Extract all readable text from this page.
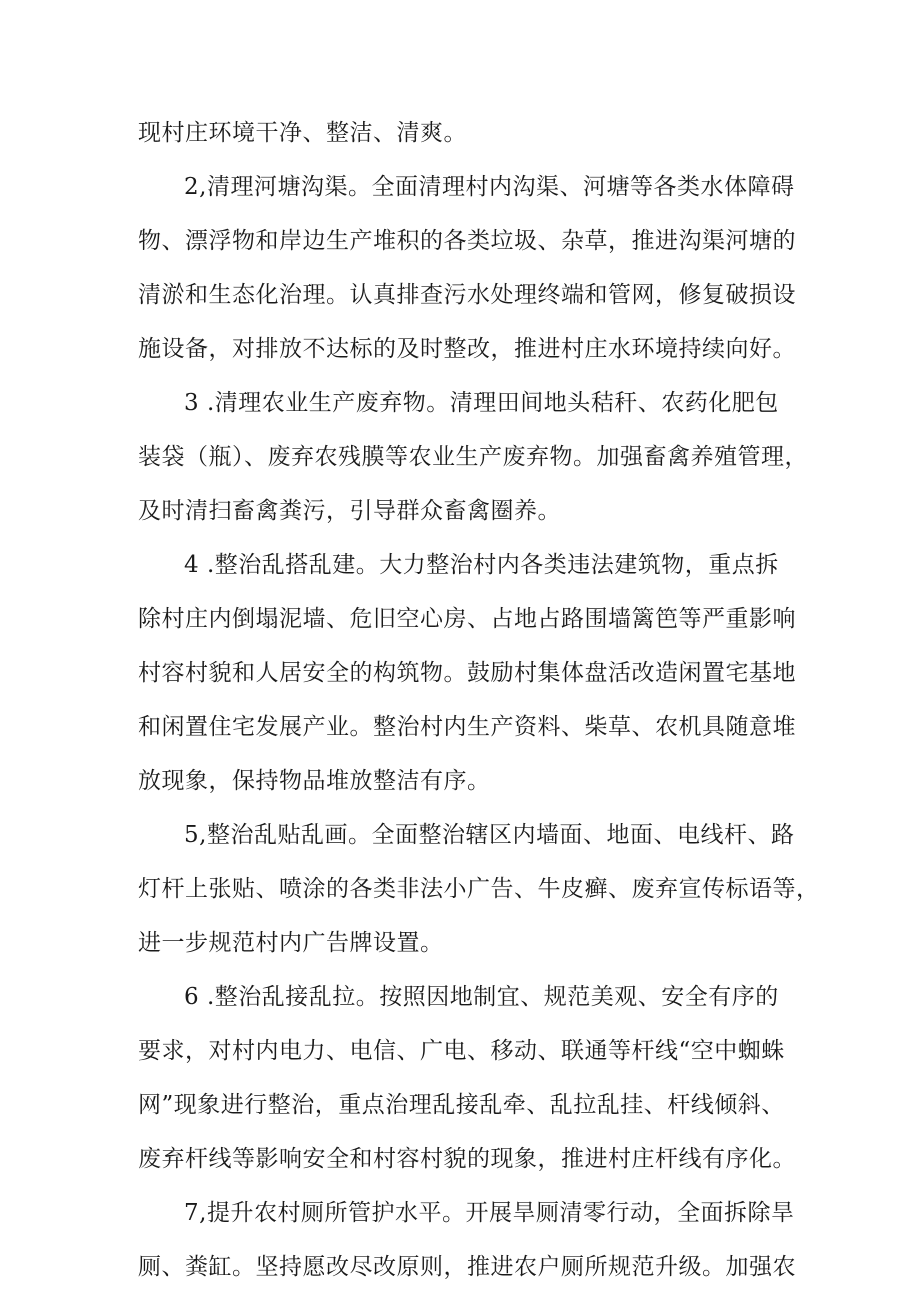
现村庄环境干净、整洁、清爽。
2,清理河塘沟渠。全面清理村内沟渠、河塘等各类水体障碍
物、漂浮物和岸边生产堆积的各类垃圾、杂草，推进沟渠河塘的
清淤和生态化治理。认真排查污水处理终端和管网，修复破损设
施设备，对排放不达标的及时整改，推进村庄水环境持续向好。
3 .清理农业生产废弃物。清理田间地头秸秆、农药化肥包
装袋（瓶）、废弃农残膜等农业生产废弃物。加强畜禽养殖管理，
及时清扫畜禽粪污，引导群众畜禽圈养。
4 .整治乱搭乱建。大力整治村内各类违法建筑物，重点拆
除村庄内倒塌泥墙、危旧空心房、占地占路围墙篱笆等严重影响
村容村貌和人居安全的构筑物。鼓励村集体盘活改造闲置宅基地
和闲置住宅发展产业。整治村内生产资料、柴草、农机具随意堆
放现象，保持物品堆放整洁有序。
5,整治乱贴乱画。全面整治辖区内墙面、地面、电线杆、路
灯杆上张贴、喷涂的各类非法小广告、牛皮癣、废弃宣传标语等，
进一步规范村内广告牌设置。
6 .整治乱接乱拉。按照因地制宜、规范美观、安全有序的
要求，对村内电力、电信、广电、移动、联通等杆线“空中蜘蛛
网”现象进行整治，重点治理乱接乱牵、乱拉乱挂、杆线倾斜、
废弃杆线等影响安全和村容村貌的现象，推进村庄杆线有序化。
7,提升农村厕所管护水平。开展旱厕清零行动，全面拆除旱
厕、粪缸。坚持愿改尽改原则，推进农户厕所规范升级。加强农
